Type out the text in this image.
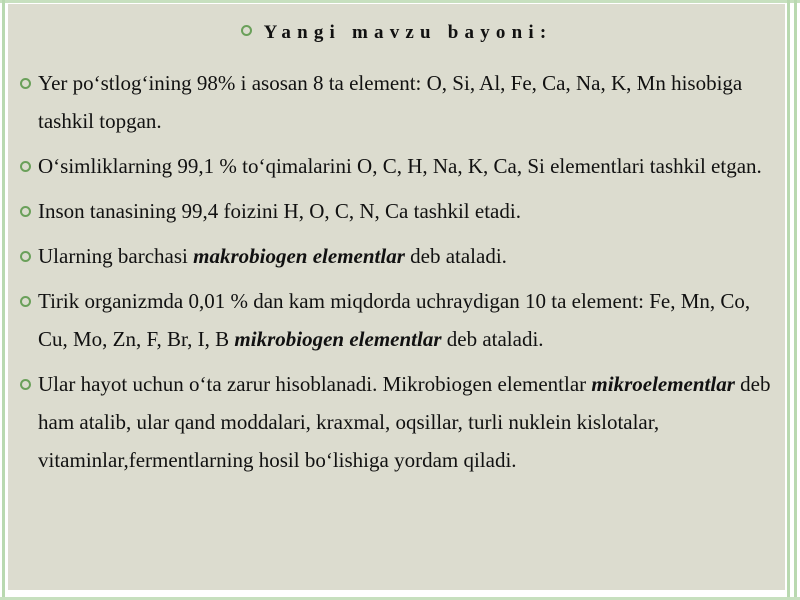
Yangi mavzu bayoni:
Yer po‘stlog‘ining 98% i asosan 8 ta element: O, Si, Al, Fe, Ca, Na, K, Mn hisobiga tashkil topgan.
O‘simliklarning 99,1 % to‘qimalarini O, C, H, Na, K, Ca, Si elementlari tashkil etgan.
Inson tanasining 99,4 foizini H, O, C, N, Ca tashkil etadi.
Ularning barchasi makrobiogen elementlar deb ataladi.
Tirik organizmda 0,01 % dan kam miqdorda uchraydigan 10 ta element: Fe, Mn, Co, Cu, Mo, Zn, F, Br, I, B mikrobiogen elementlar deb ataladi.
Ular hayot uchun o‘ta zarur hisoblanadi. Mikrobiogen elementlar mikroelementlar deb ham atalib, ular qand moddalari, kraxmal, oqsillar, turli nuklein kislotalar, vitaminlar,fermentlarning hosil bo‘lishiga yordam qiladi.
